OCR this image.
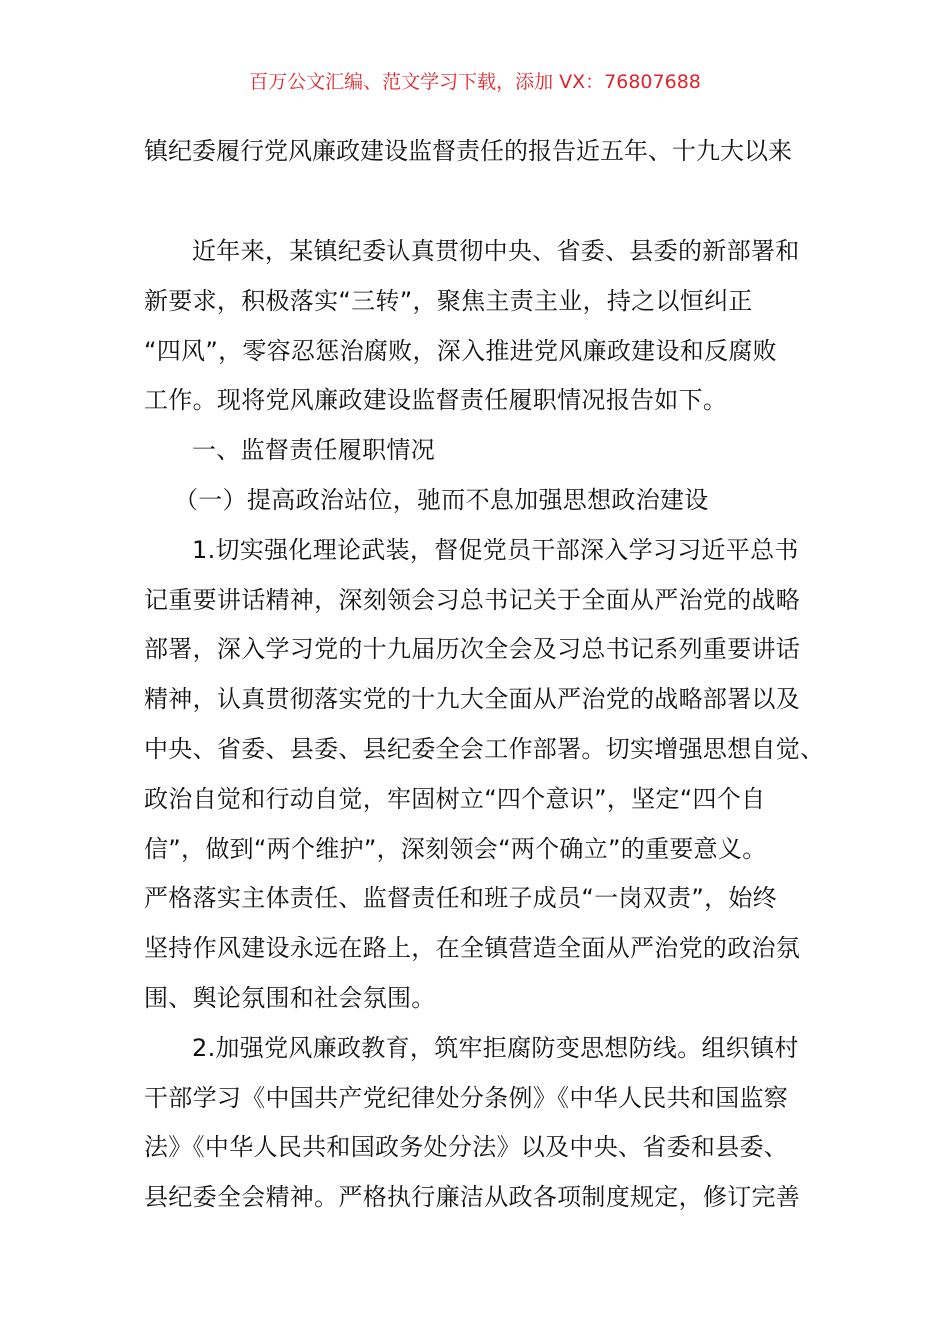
百万公文汇编、范文学习下载，添加 VX：76807688
镇纪委履行党风廉政建设监督责任的报告近五年、十九大以来
近年来，某镇纪委认真贯彻中央、省委、县委的新部署和
新要求，积极落实“三转”，聚焦主责主业，持之以恒纠正
“四风”，零容忍惩治腐败，深入推进党风廉政建设和反腐败
工作。现将党风廉政建设监督责任履职情况报告如下。
一、监督责任履职情况
（一）提高政治站位，驰而不息加强思想政治建设
1.切实强化理论武装，督促党员干部深入学习习近平总书
记重要讲话精神，深刻领会习总书记关于全面从严治党的战略
部署，深入学习党的十九届历次全会及习总书记系列重要讲话
精神，认真贯彻落实党的十九大全面从严治党的战略部署以及
中央、省委、县委、县纪委全会工作部署。切实增强思想自觉、
政治自觉和行动自觉，牢固树立“四个意识”，坚定“四个自
信”，做到“两个维护”，深刻领会“两个确立”的重要意义。
严格落实主体责任、监督责任和班子成员“一岗双责”，始终
坚持作风建设永远在路上，在全镇营造全面从严治党的政治氛
围、舆论氛围和社会氛围。
2.加强党风廉政教育，筑牢拒腐防变思想防线。组织镇村
干部学习《中国共产党纪律处分条例》《中华人民共和国监察
法》《中华人民共和国政务处分法》以及中央、省委和县委、
县纪委全会精神。严格执行廉洁从政各项制度规定，修订完善
